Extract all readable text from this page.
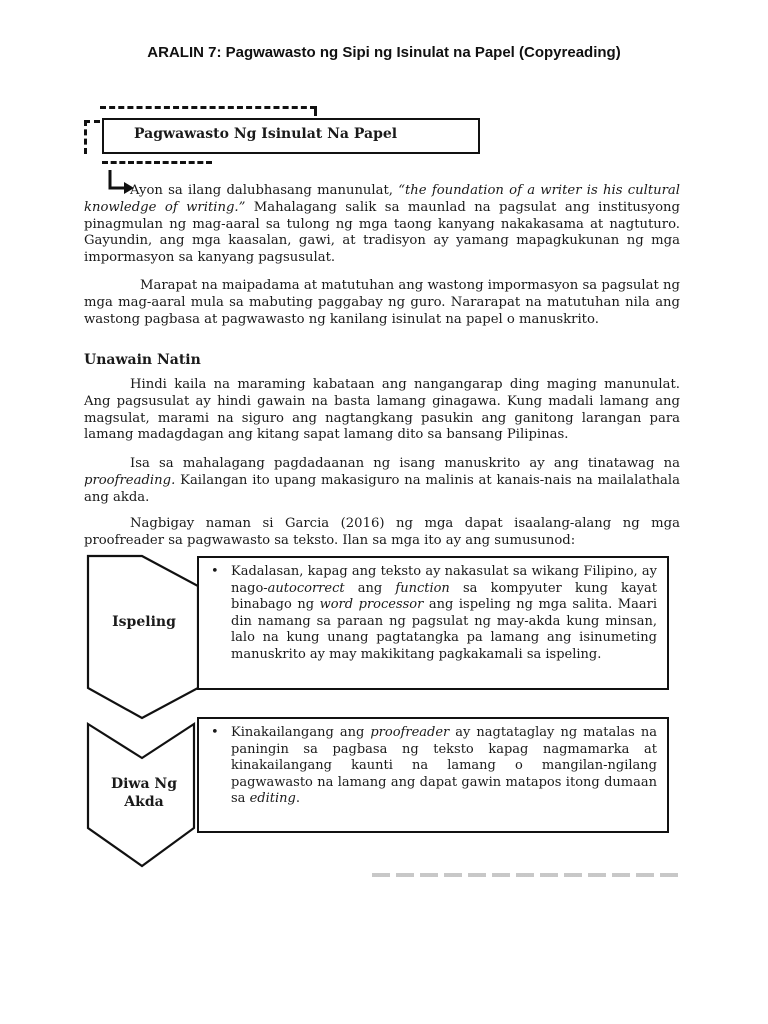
ARALIN 7: Pagwawasto ng Sipi ng Isinulat na Papel (Copyreading)
Pagwawasto Ng Isinulat Na Papel

Ayon sa ilang dalubhasang manunulat, “the foundation of a writer is his cultural knowledge of writing.” Mahalagang salik sa maunlad na pagsulat ang institusyong pinagmulan ng mag-aaral sa tulong ng mga taong kanyang nakakasama at nagtuturo. Gayundin, ang mga kaasalan, gawi, at tradisyon ay yamang mapagkukunan ng mga impormasyon sa kanyang pagsusulat.

Marapat na maipadama at matutuhan ang wastong impormasyon sa pagsulat ng mga mag-aaral mula sa mabuting paggabay ng guro. Nararapat na matutuhan nila ang wastong pagbasa at pagwawasto ng kanilang isinulat na papel o manuskrito.

Unawain Natin

Hindi kaila na maraming kabataan ang nangangarap ding maging manunulat. Ang pagsusulat ay hindi gawain na basta lamang ginagawa. Kung madali lamang ang magsulat, marami na siguro ang nagtangkang pasukin ang ganitong larangan para lamang madagdagan ang kitang sapat lamang dito sa bansang Pilipinas.

Isa sa mahalagang pagdadaanan ng isang manuskrito ay ang tinatawag na proofreading. Kailangan ito upang makasiguro na malinis at kanais-nais na mailalathala ang akda.

Nagbigay naman si Garcia (2016) ng mga dapat isaalang-alang ng mga proofreader sa pagwawasto sa teksto. Ilan sa mga ito ay ang sumusunod:

Ispeling
Diwa Ng
Akda
• Kadalasan, kapag ang teksto ay nakasulat sa wikang Filipino, ay nago-autocorrect ang function sa kompyuter kung kayat binabago ng word processor ang ispeling ng mga salita. Maari din namang sa paraan ng pagsulat ng may-akda kung minsan, lalo na kung unang pagtatangka pa lamang ang isinumeting manuskrito ay may makikitang pagkakamali sa ispeling.
• Kinakailangang ang proofreader ay nagtataglay ng matalas na paningin sa pagbasa ng teksto kapag nagmamarka at kinakailangang kaunti na lamang o mangilan-ngilang pagwawasto na lamang ang dapat gawin matapos itong dumaan sa editing.
